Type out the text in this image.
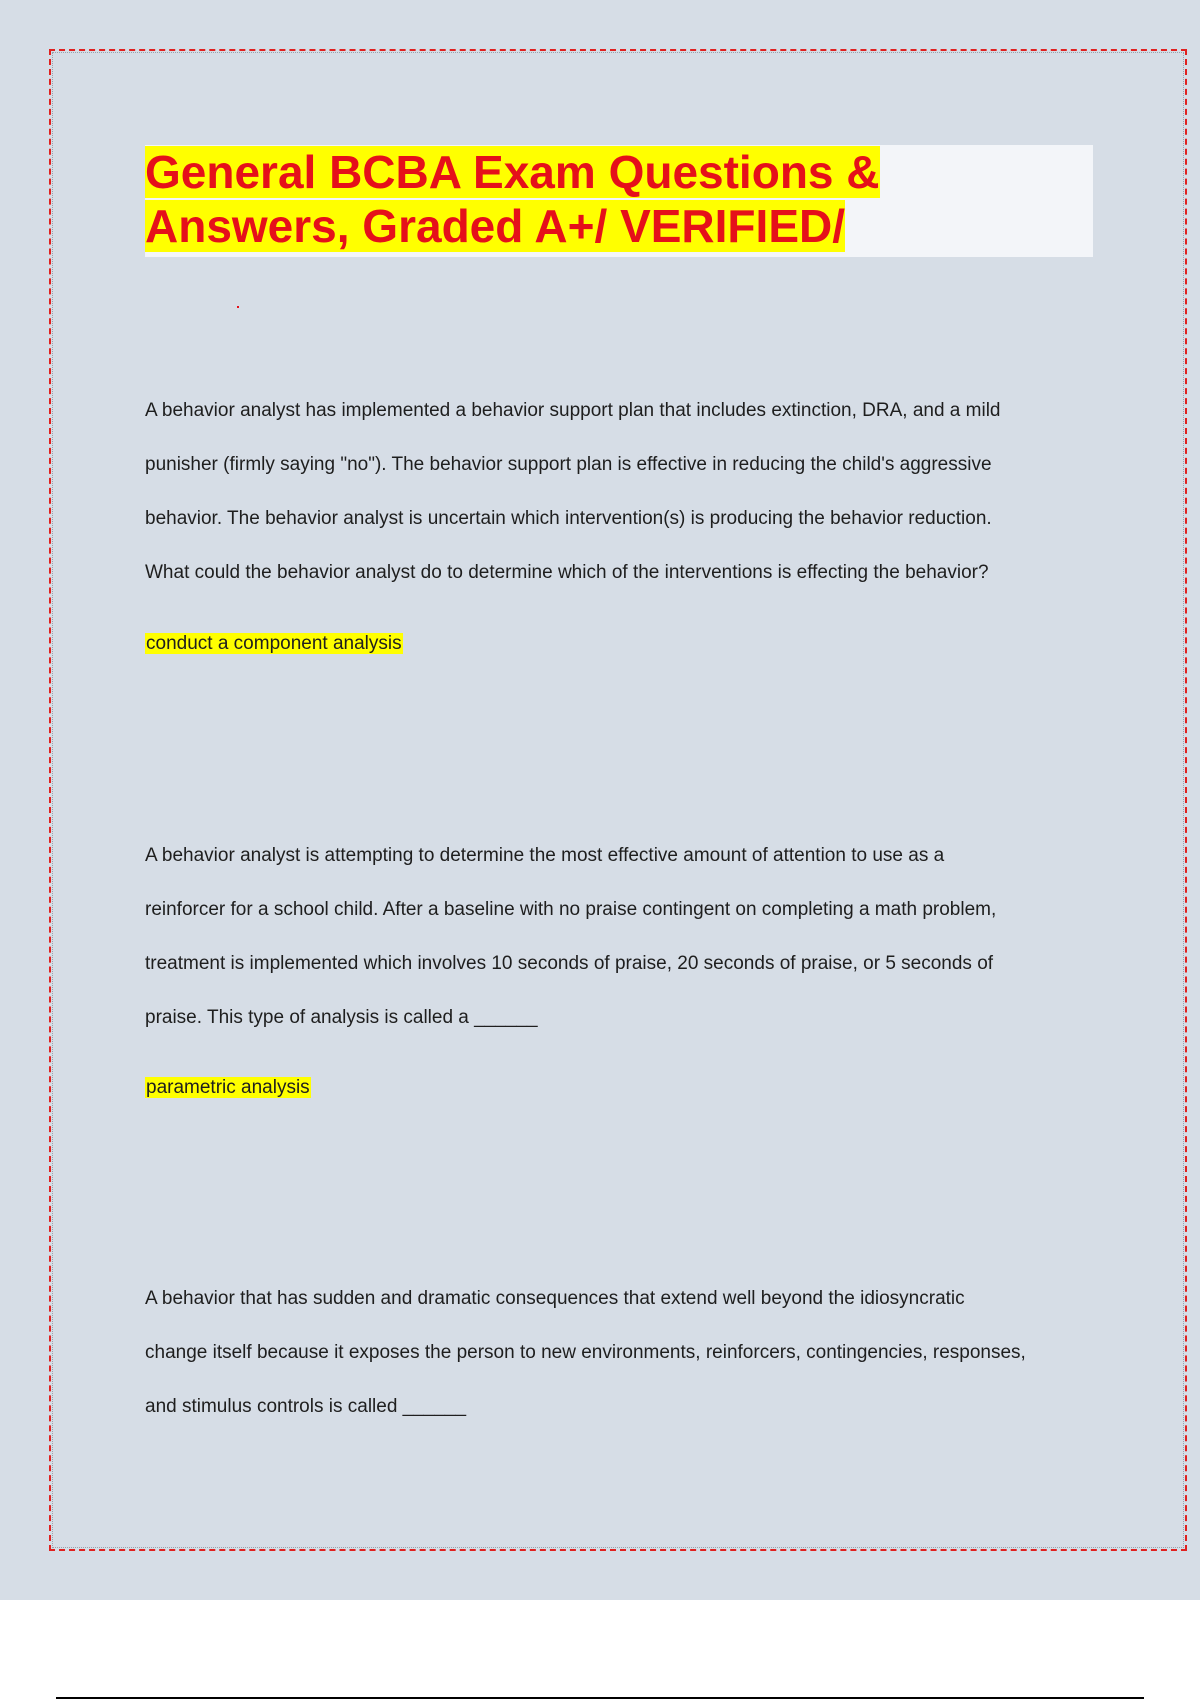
General BCBA Exam Questions &
Answers, Graded A+/ VERIFIED/

A behavior analyst has implemented a behavior support plan that includes extinction, DRA, and a mild
punisher (firmly saying "no"). The behavior support plan is effective in reducing the child's aggressive
behavior. The behavior analyst is uncertain which intervention(s) is producing the behavior reduction.
What could the behavior analyst do to determine which of the interventions is effecting the behavior?

conduct a component analysis

A behavior analyst is attempting to determine the most effective amount of attention to use as a
reinforcer for a school child. After a baseline with no praise contingent on completing a math problem,
treatment is implemented which involves 10 seconds of praise, 20 seconds of praise, or 5 seconds of
praise. This type of analysis is called a ______

parametric analysis

A behavior that has sudden and dramatic consequences that extend well beyond the idiosyncratic
change itself because it exposes the person to new environments, reinforcers, contingencies, responses,
and stimulus controls is called ______
